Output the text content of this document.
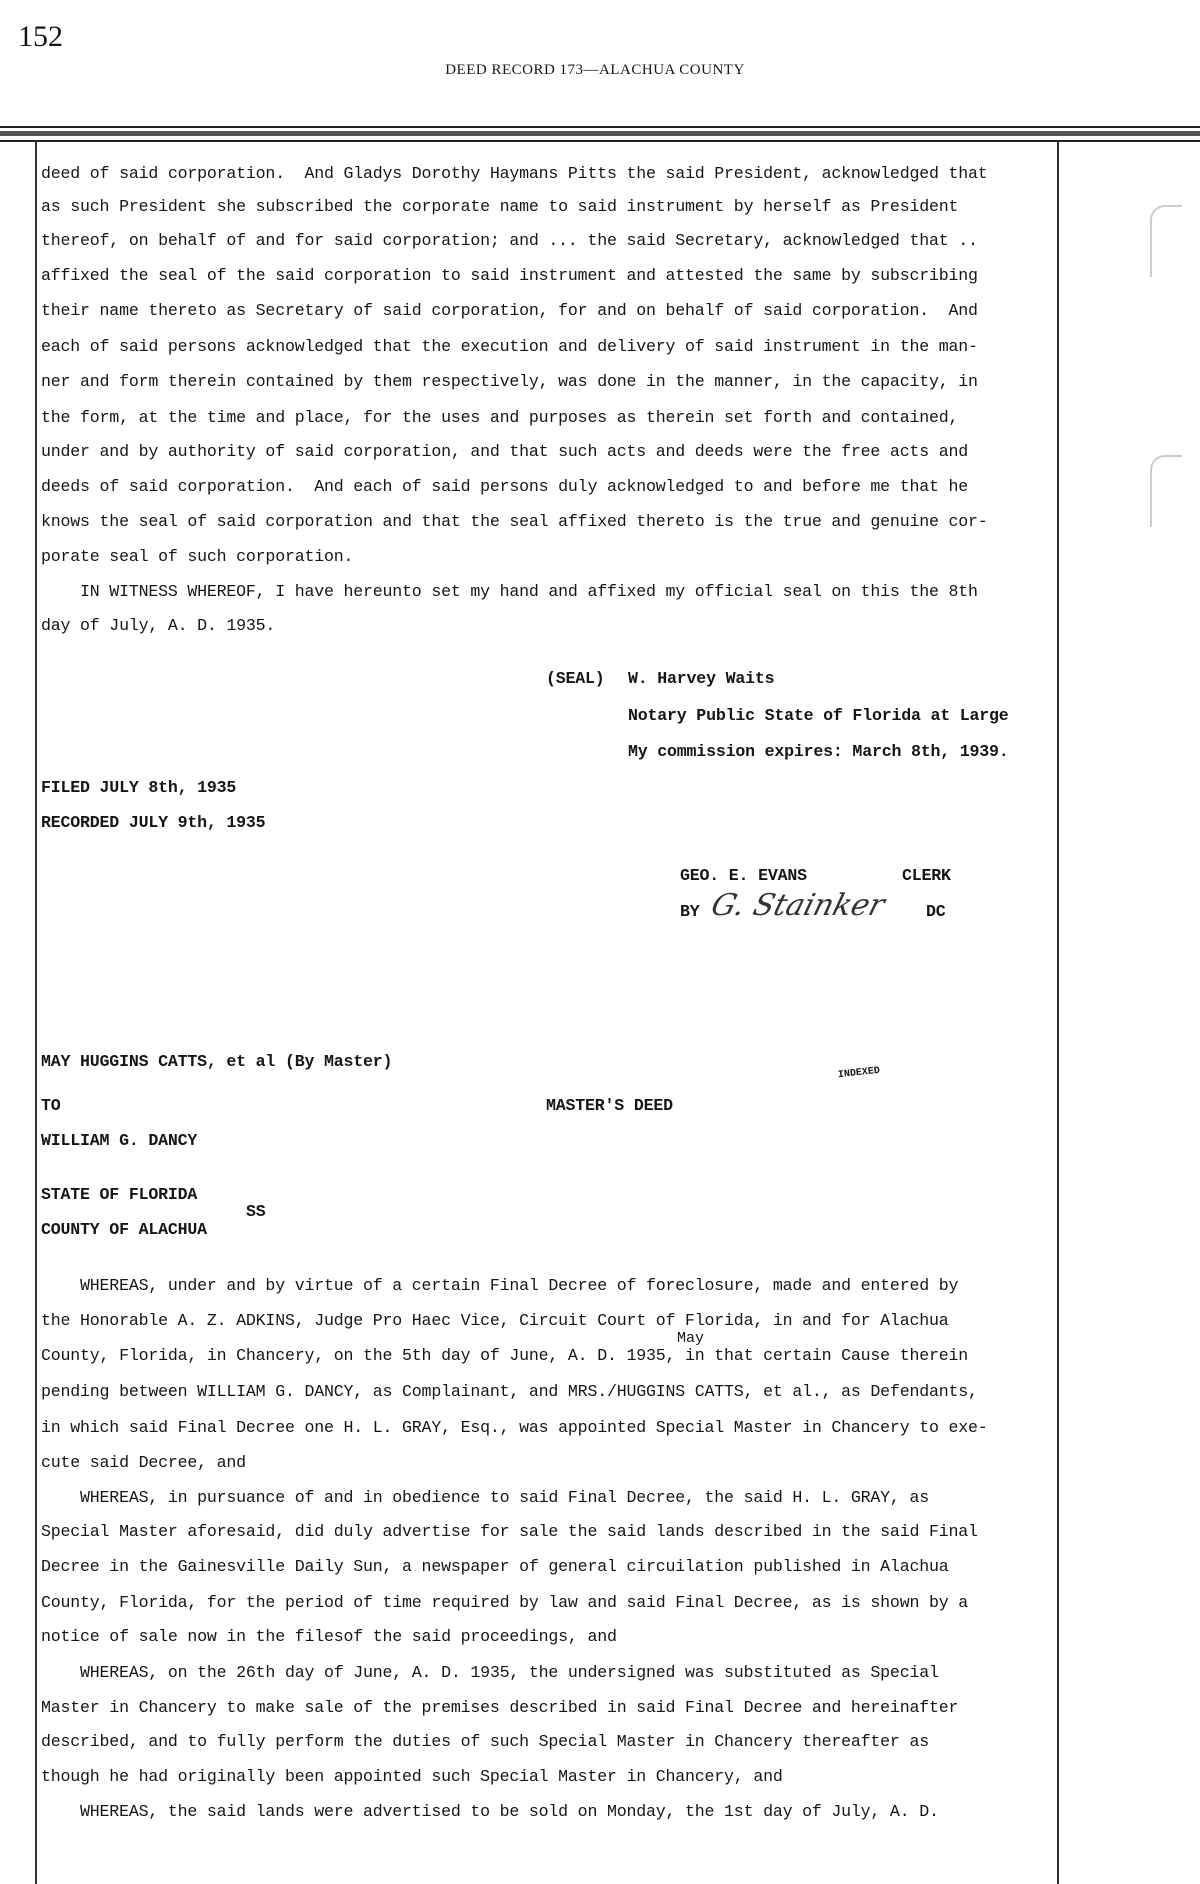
152
DEED RECORD 173—ALACHUA COUNTY
deed of said corporation.  And Gladys Dorothy Haymans Pitts the said President, acknowledged that
as such President she subscribed the corporate name to said instrument by herself as President
thereof, on behalf of and for said corporation; and ... the said Secretary, acknowledged that ..
affixed the seal of the said corporation to said instrument and attested the same by subscribing
their name thereto as Secretary of said corporation, for and on behalf of said corporation.  And
each of said persons acknowledged that the execution and delivery of said instrument in the man-
ner and form therein contained by them respectively, was done in the manner, in the capacity, in
the form, at the time and place, for the uses and purposes as therein set forth and contained,
under and by authority of said corporation, and that such acts and deeds were the free acts and
deeds of said corporation.  And each of said persons duly acknowledged to and before me that he
knows the seal of said corporation and that the seal affixed thereto is the true and genuine cor-
porate seal of such corporation.
IN WITNESS WHEREOF, I have hereunto set my hand and affixed my official seal on this the 8th
day of July, A. D. 1935.
(SEAL) W. Harvey Waits
Notary Public State of Florida at Large
My commission expires: March 8th, 1939.
FILED JULY 8th, 1935
RECORDED JULY 9th, 1935
GEO. E. EVANS	CLERK
BY G. Stainker DC
MAY HUGGINS CATTS, et al (By Master)
INDEXED
TO	MASTER'S DEED
WILLIAM G. DANCY
STATE OF FLORIDA
SS
COUNTY OF ALACHUA
May
WHEREAS, under and by virtue of a certain Final Decree of foreclosure, made and entered by
the Honorable A. Z. ADKINS, Judge Pro Haec Vice, Circuit Court of Florida, in and for Alachua
County, Florida, in Chancery, on the 5th day of June, A. D. 1935, in that certain Cause therein
pending between WILLIAM G. DANCY, as Complainant, and MRS./HUGGINS CATTS, et al., as Defendants,
in which said Final Decree one H. L. GRAY, Esq., was appointed Special Master in Chancery to exe-
cute said Decree, and
WHEREAS, in pursuance of and in obedience to said Final Decree, the said H. L. GRAY, as
Special Master aforesaid, did duly advertise for sale the said lands described in the said Final
Decree in the Gainesville Daily Sun, a newspaper of general circuilation published in Alachua
County, Florida, for the period of time required by law and said Final Decree, as is shown by a
notice of sale now in the filesof the said proceedings, and
WHEREAS, on the 26th day of June, A. D. 1935, the undersigned was substituted as Special
Master in Chancery to make sale of the premises described in said Final Decree and hereinafter
described, and to fully perform the duties of such Special Master in Chancery thereafter as
though he had originally been appointed such Special Master in Chancery, and
WHEREAS, the said lands were advertised to be sold on Monday, the 1st day of July, A. D.
